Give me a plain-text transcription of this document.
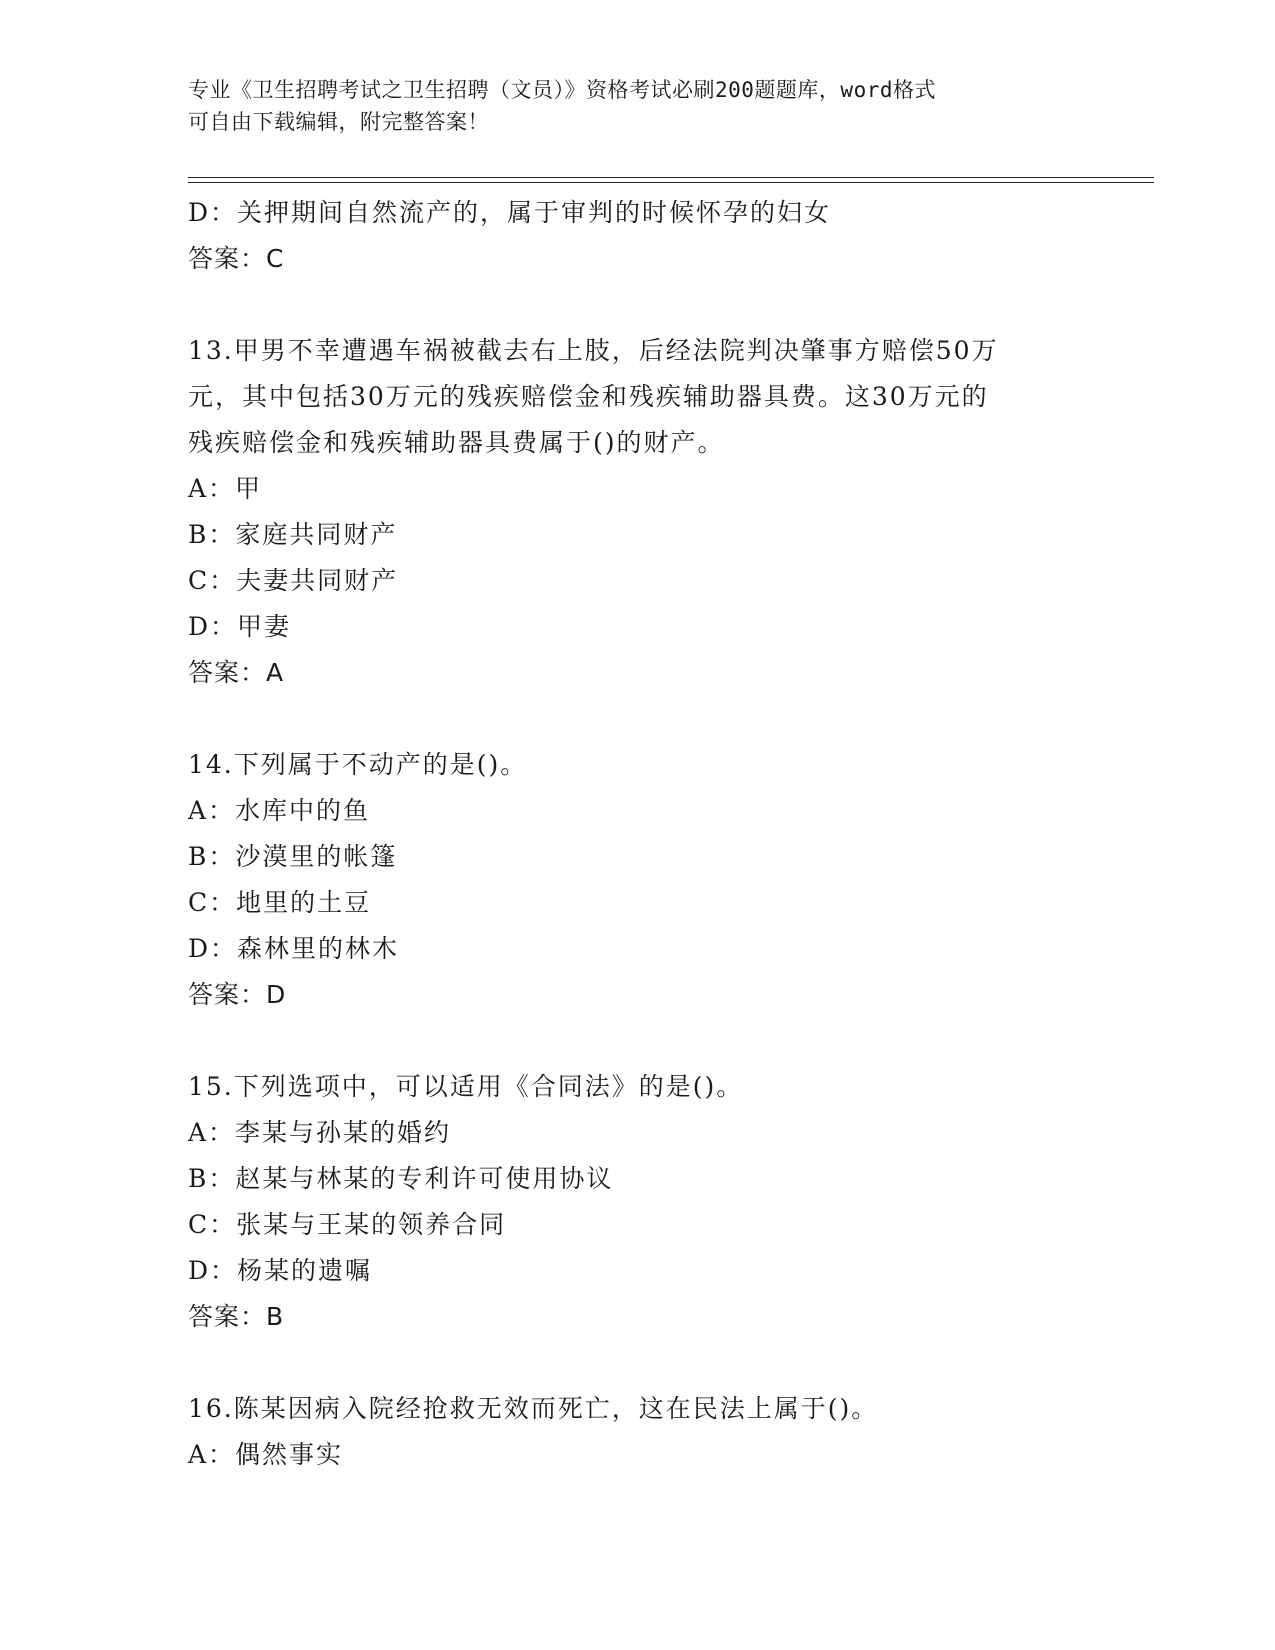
专业《卫生招聘考试之卫生招聘（文员）》资格考试必刷200题题库，word格式
可自由下载编辑，附完整答案！

D：关押期间自然流产的，属于审判的时候怀孕的妇女

答案：C

13.甲男不幸遭遇车祸被截去右上肢，后经法院判决肇事方赔偿50万

元，其中包括30万元的残疾赔偿金和残疾辅助器具费。这30万元的

残疾赔偿金和残疾辅助器具费属于()的财产。

A：甲

B：家庭共同财产

C：夫妻共同财产

D：甲妻

答案：A

14.下列属于不动产的是()。

A：水库中的鱼

B：沙漠里的帐篷

C：地里的土豆

D：森林里的林木

答案：D

15.下列选项中，可以适用《合同法》的是()。

A：李某与孙某的婚约

B：赵某与林某的专利许可使用协议

C：张某与王某的领养合同

D：杨某的遗嘱

答案：B

16.陈某因病入院经抢救无效而死亡，这在民法上属于()。

A：偶然事实
